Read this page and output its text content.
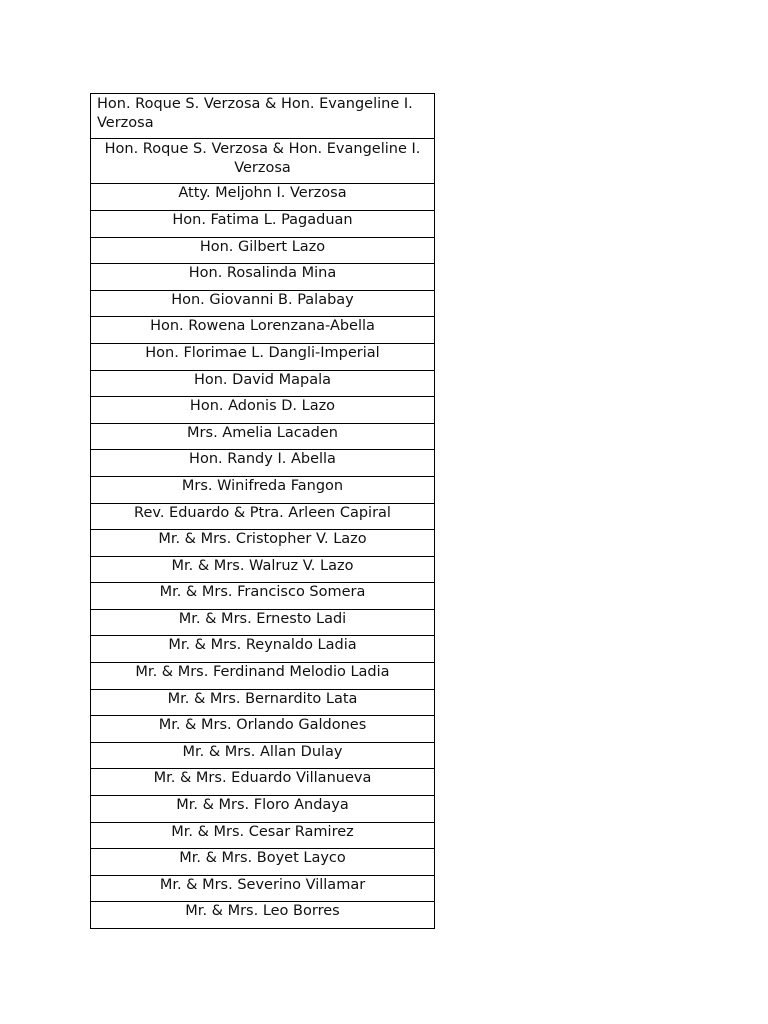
Hon. Roque S. Verzosa & Hon. Evangeline I. Verzosa
Hon. Roque S. Verzosa & Hon. Evangeline I. Verzosa
Atty. Meljohn I. Verzosa
Hon. Fatima L. Pagaduan
Hon. Gilbert Lazo
Hon. Rosalinda Mina
Hon. Giovanni B. Palabay
Hon. Rowena Lorenzana-Abella
Hon. Florimae L. Dangli-Imperial
Hon. David Mapala
Hon. Adonis D. Lazo
Mrs. Amelia Lacaden
Hon. Randy I. Abella
Mrs. Winifreda Fangon
Rev. Eduardo & Ptra. Arleen Capiral
Mr. & Mrs. Cristopher V. Lazo
Mr. & Mrs. Walruz V. Lazo
Mr. & Mrs. Francisco Somera
Mr. & Mrs. Ernesto Ladi
Mr. & Mrs. Reynaldo Ladia
Mr. & Mrs. Ferdinand Melodio Ladia
Mr. & Mrs. Bernardito Lata
Mr. & Mrs. Orlando Galdones
Mr. & Mrs. Allan Dulay
Mr. & Mrs. Eduardo Villanueva
Mr. & Mrs. Floro Andaya
Mr. & Mrs. Cesar Ramirez
Mr. & Mrs. Boyet Layco
Mr. & Mrs. Severino Villamar
Mr. & Mrs. Leo Borres
